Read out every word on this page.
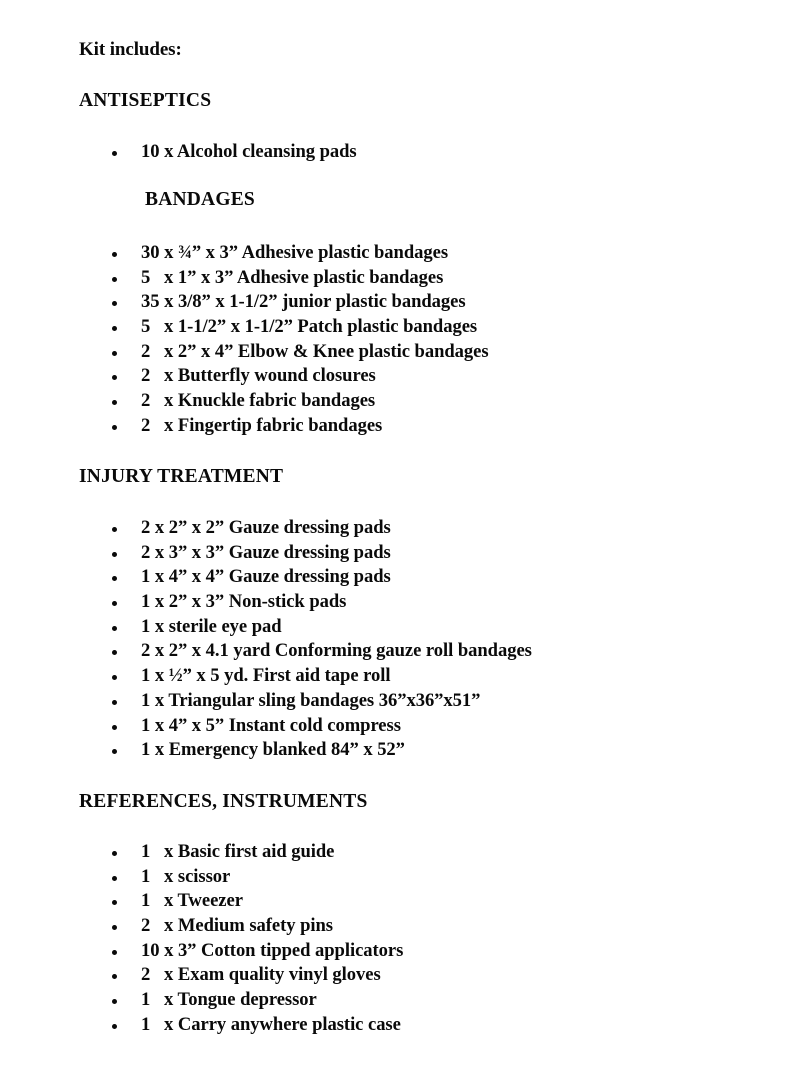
Kit includes:

ANTISEPTICS
10 x Alcohol cleansing pads
BANDAGES
30 x ¾” x 3” Adhesive plastic bandages
5   x 1” x 3” Adhesive plastic bandages
35 x 3/8” x 1-1/2” junior plastic bandages
5   x 1-1/2” x 1-1/2” Patch plastic bandages
2   x 2” x 4” Elbow & Knee plastic bandages
2   x Butterfly wound closures
2   x Knuckle fabric bandages
2   x Fingertip fabric bandages
INJURY TREATMENT
2 x 2” x 2” Gauze dressing pads
2 x 3” x 3” Gauze dressing pads
1 x 4” x 4” Gauze dressing pads
1 x 2” x 3” Non-stick pads
1 x sterile eye pad
2 x 2” x 4.1 yard Conforming gauze roll bandages
1 x ½” x 5 yd. First aid tape roll
1 x Triangular sling bandages 36”x36”x51”
1 x 4” x 5” Instant cold compress
1 x Emergency blanked 84” x 52”
REFERENCES, INSTRUMENTS
1   x Basic first aid guide
1   x scissor
1   x Tweezer
2   x Medium safety pins
10 x 3” Cotton tipped applicators
2   x Exam quality vinyl gloves
1   x Tongue depressor
1   x Carry anywhere plastic case
